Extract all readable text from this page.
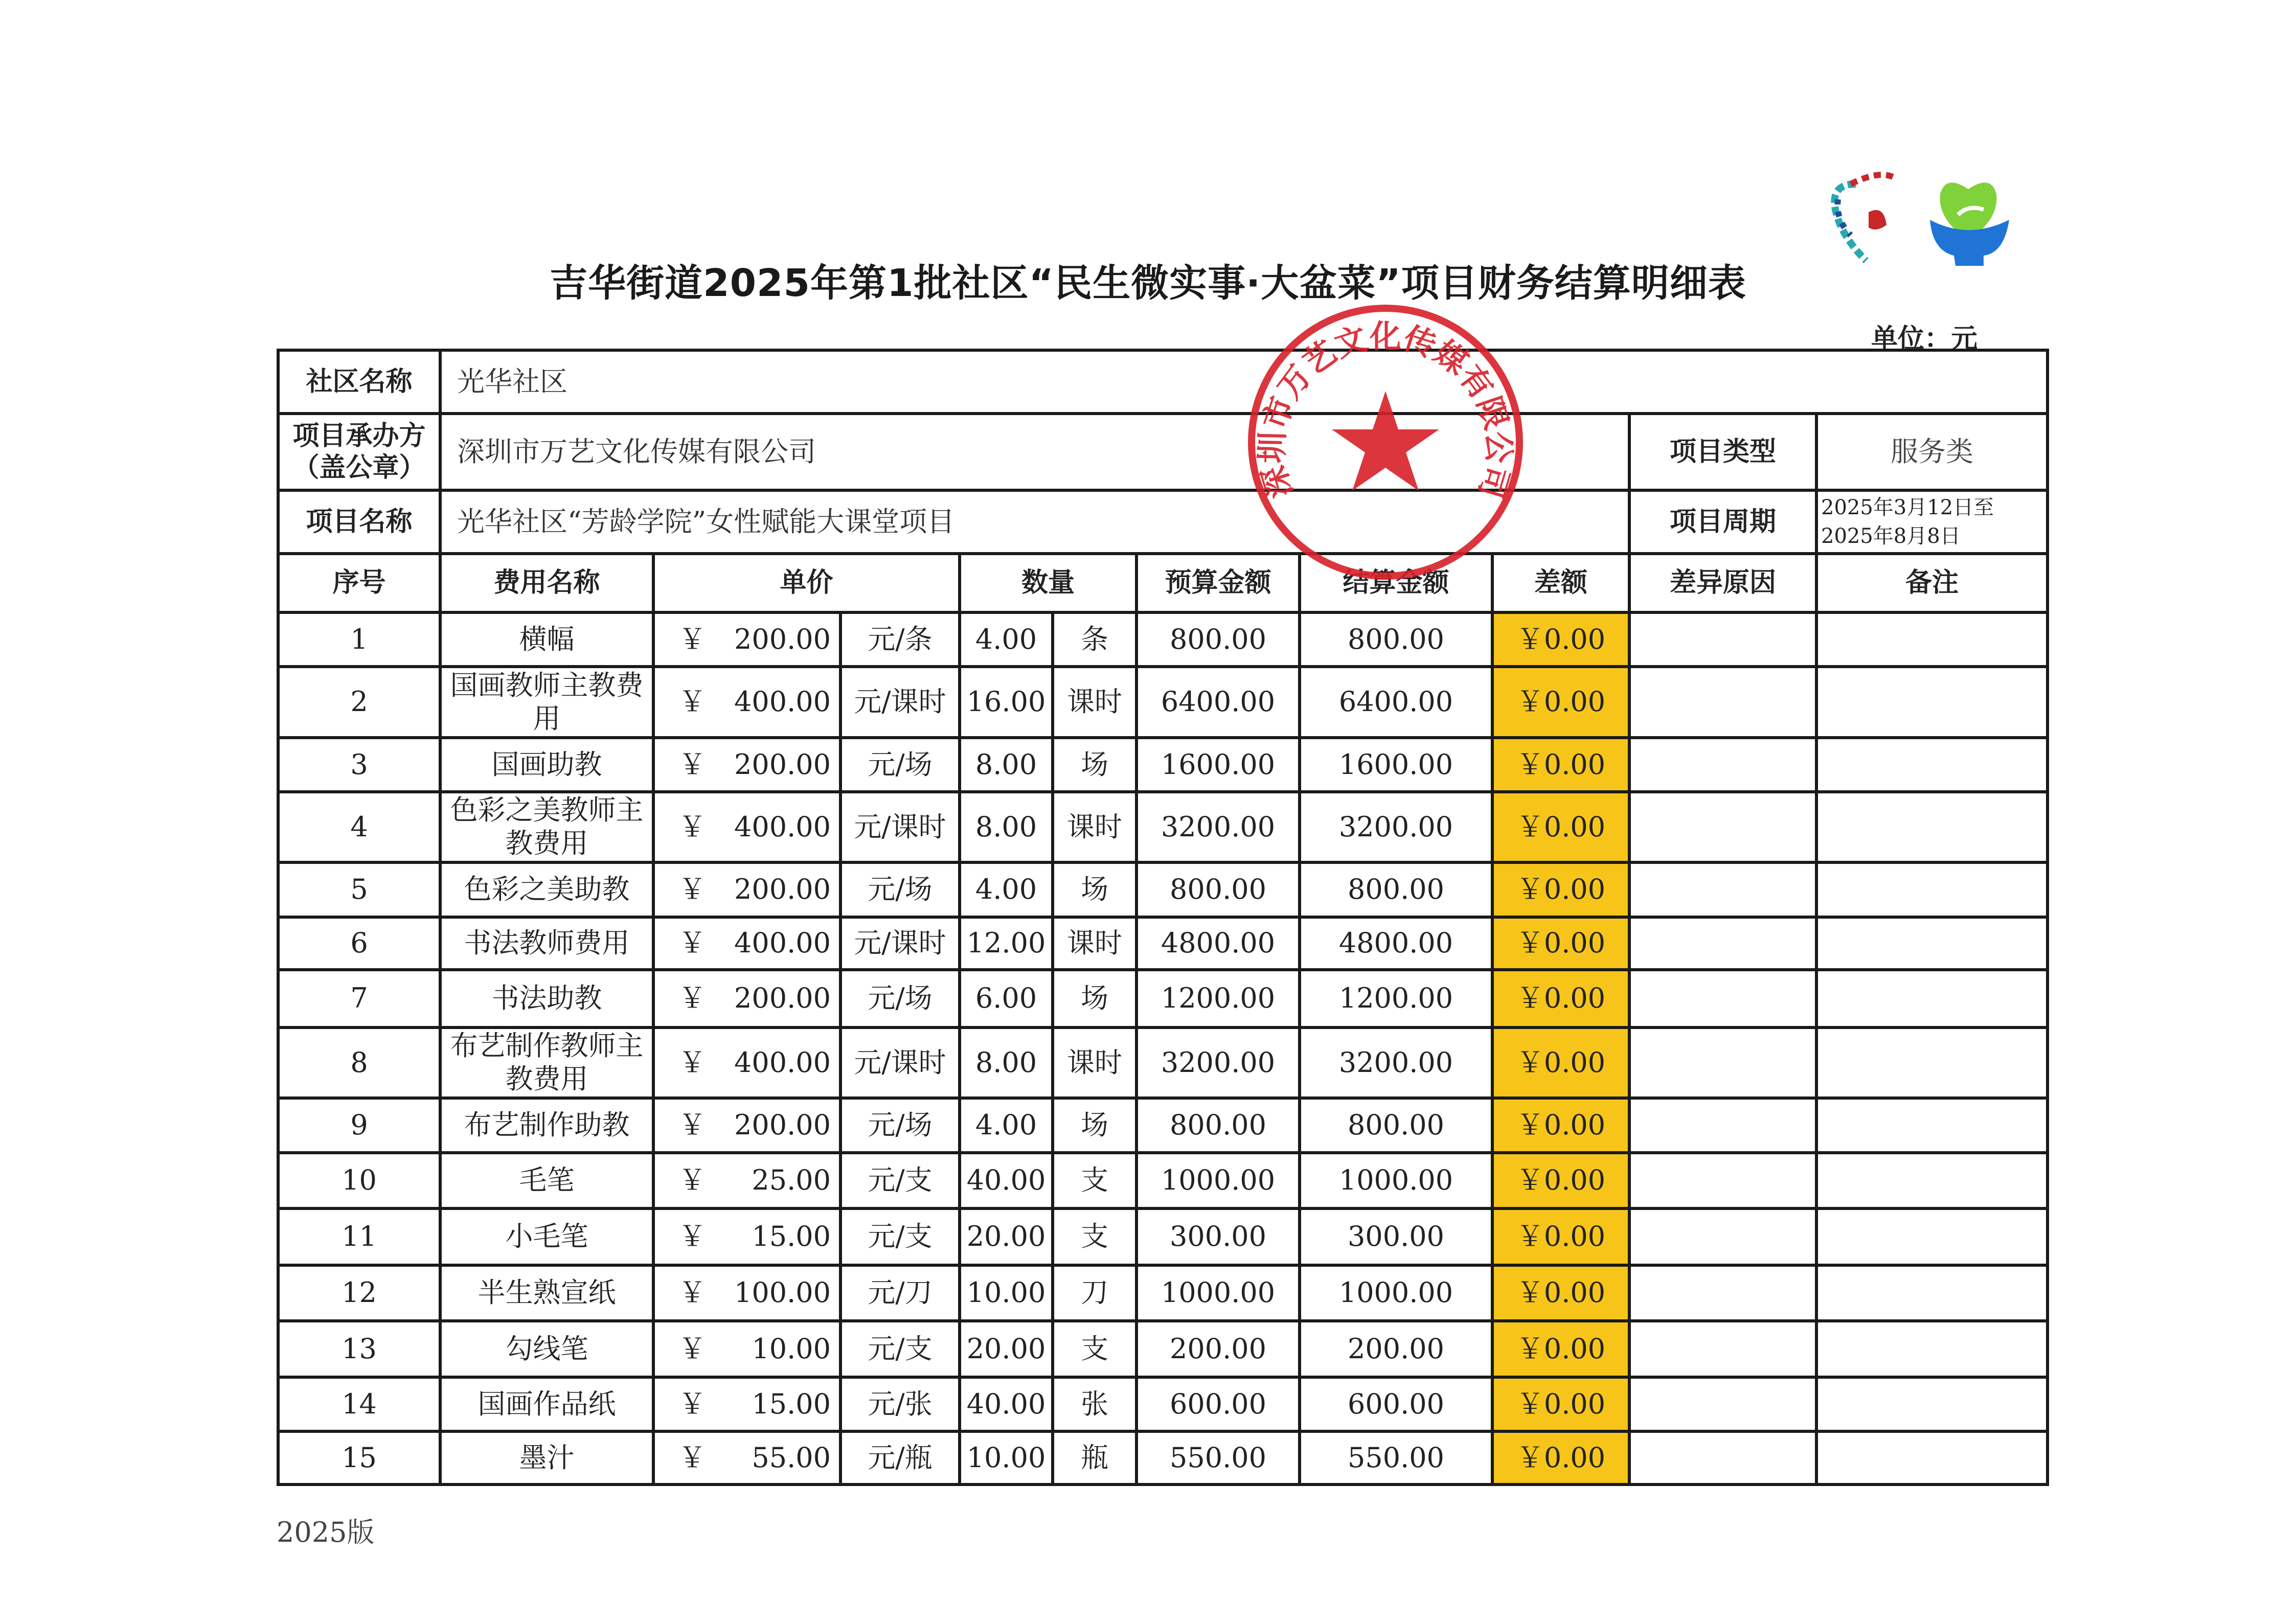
吉华街道2025年第1批社区“民生微实事·大盆菜”项目财务结算明细表
单位：元
社区名称	光华社区									
项目承办方（盖公章）	深圳市万艺文化传媒有限公司								项目类型	服务类
项目名称	光华社区“芳龄学院”女性赋能大课堂项目								项目周期	2025年3月12日至
2025年8月8日

序号	费用名称	单价		数量		预算金额	结算金额	差额	差异原因	备注
1	横幅	￥ 200.00	元/条	4.00	条	800.00	800.00	￥0.00		
2	国画教师主教费用	￥ 400.00	元/课时	16.00	课时	6400.00	6400.00	￥0.00		
3	国画助教	￥ 200.00	元/场	8.00	场	1600.00	1600.00	￥0.00		
4	色彩之美教师主教费用	￥ 400.00	元/课时	8.00	课时	3200.00	3200.00	￥0.00		
5	色彩之美助教	￥ 200.00	元/场	4.00	场	800.00	800.00	￥0.00		
6	书法教师费用	￥ 400.00	元/课时	12.00	课时	4800.00	4800.00	￥0.00		
7	书法助教	￥ 200.00	元/场	6.00	场	1200.00	1200.00	￥0.00		
8	布艺制作教师主教费用	￥ 400.00	元/课时	8.00	课时	3200.00	3200.00	￥0.00		
9	布艺制作助教	￥ 200.00	元/场	4.00	场	800.00	800.00	￥0.00		
10	毛笔	￥ 25.00	元/支	40.00	支	1000.00	1000.00	￥0.00		
11	小毛笔	￥ 15.00	元/支	20.00	支	300.00	300.00	￥0.00		
12	半生熟宣纸	￥ 100.00	元/刀	10.00	刀	1000.00	1000.00	￥0.00		
13	勾线笔	￥ 10.00	元/支	20.00	支	200.00	200.00	￥0.00		
14	国画作品纸	￥ 15.00	元/张	40.00	张	600.00	600.00	￥0.00		
15	墨汁	￥ 55.00	元/瓶	10.00	瓶	550.00	550.00	￥0.00		
深圳市万艺文化传媒有限公司
2025版
